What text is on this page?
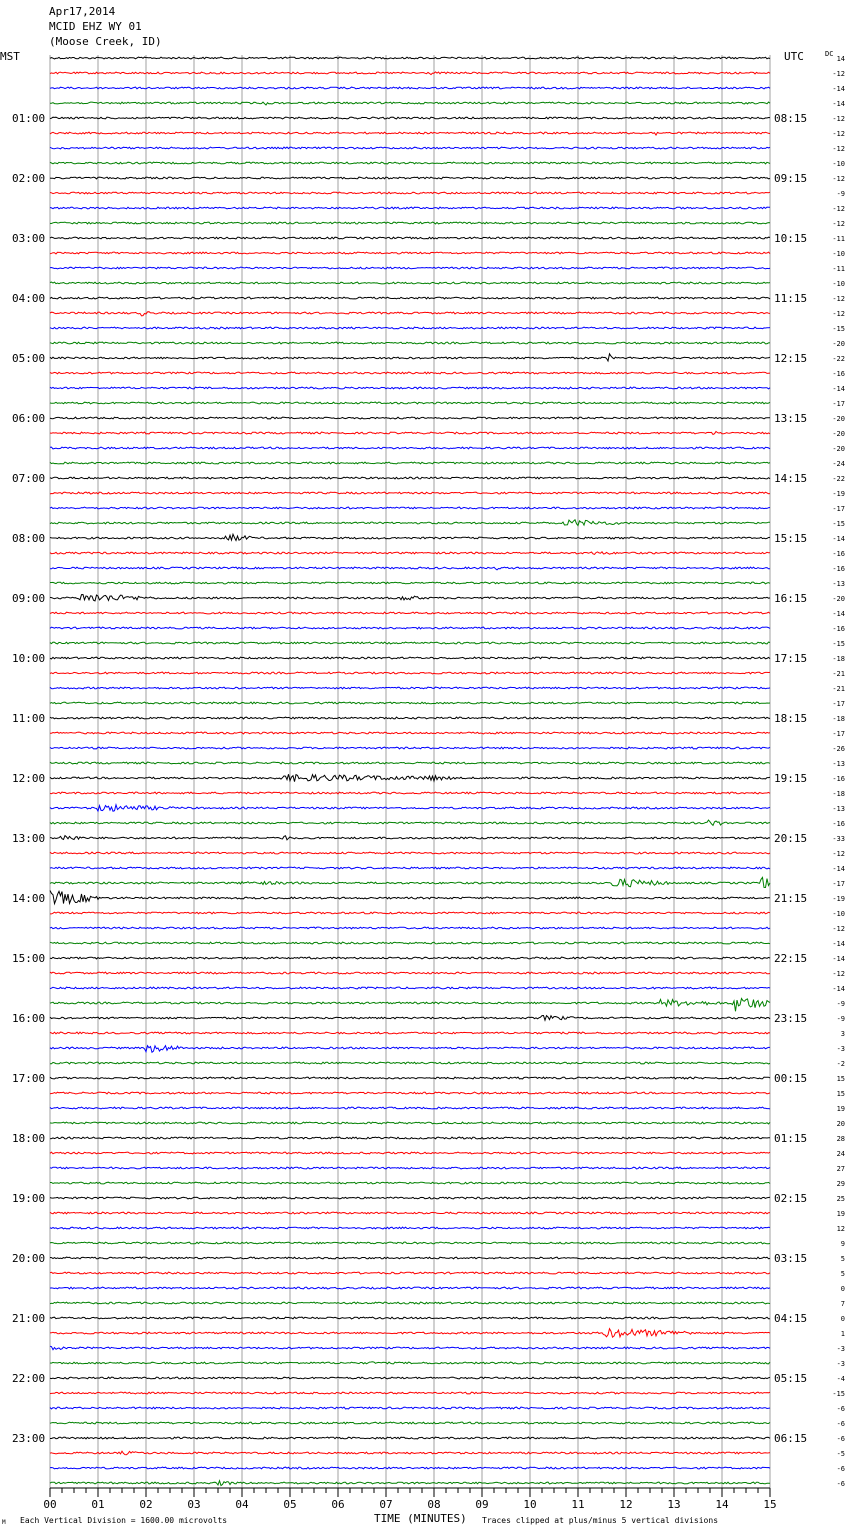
01:00
02:00
03:00
04:00
05:00
06:00
07:00
08:00
09:00
10:00
11:00
12:00
13:00
14:00
15:00
16:00
17:00
18:00
19:00
20:00
21:00
22:00
23:00
08:15
09:15
10:15
11:15
12:15
13:15
14:15
15:15
16:15
17:15
18:15
19:15
20:15
21:15
22:15
23:15
00:15
01:15
02:15
03:15
04:15
05:15
06:15
14
-12
-14
-14
-12
-12
-12
-10
-12
-9
-12
-12
-11
-10
-11
-10
-12
-12
-15
-20
-22
-16
-14
-17
-20
-20
-20
-24
-22
-19
-17
-15
-14
-16
-16
-13
-20
-14
-16
-15
-18
-21
-21
-17
-18
-17
-26
-13
-16
-18
-13
-16
-33
-12
-14
-17
-19
-10
-12
-14
-14
-12
-14
-9
-9
3
-3
-2
15
15
19
20
28
24
27
29
25
19
12
9
5
5
0
7
0
1
-3
-3
-4
-15
-6
-6
-6
-5
-6
-6
00	01	02	03	04	05	06	07	08	09	10	11	12	13	14	15
Apr17,2014
MCID EHZ WY 01
(Moose Creek, ID)
MST	UTC	DC
TIME (MINUTES)
Each Vertical Division = 1600.00 microvolts	Traces clipped at plus/minus 5 vertical divisions
M
